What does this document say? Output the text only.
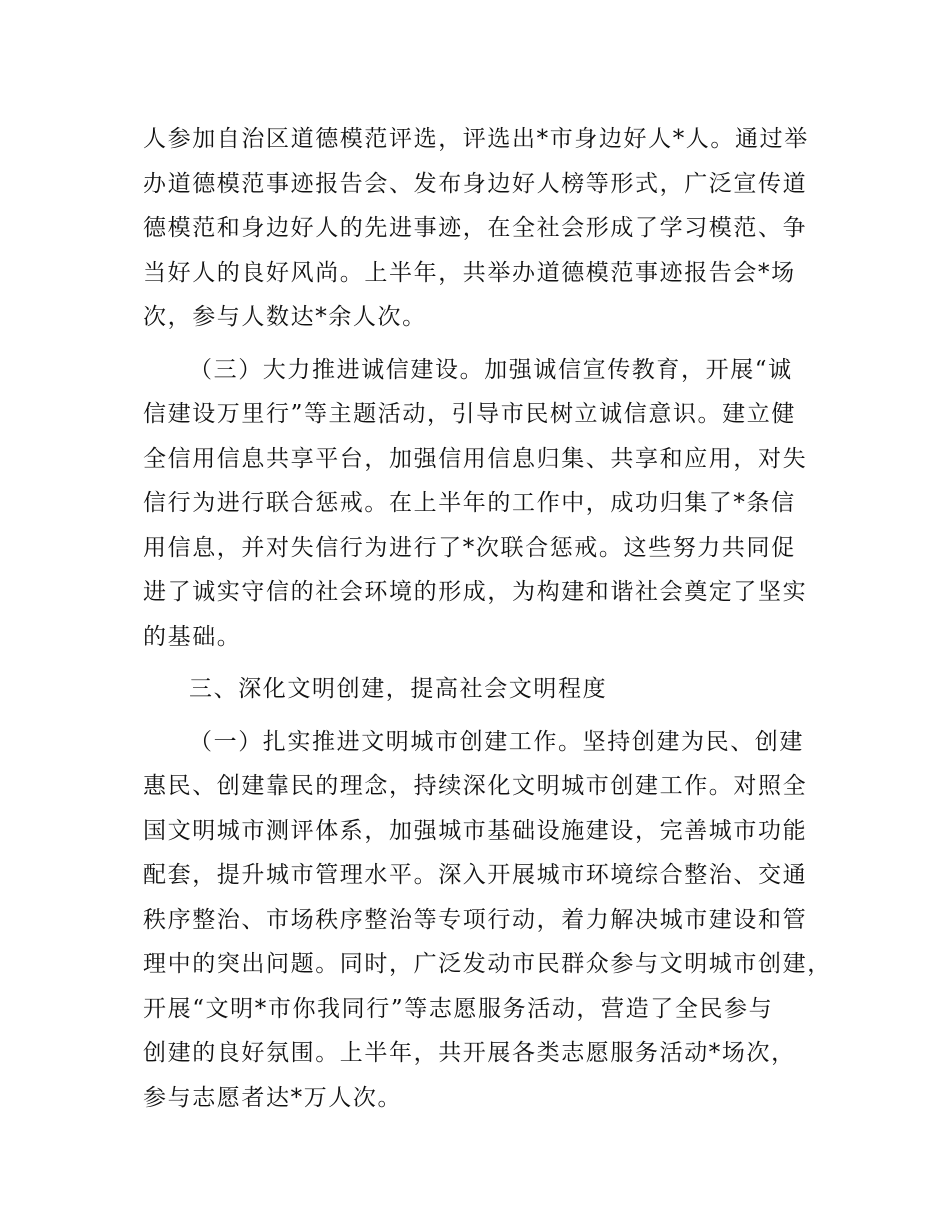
人参加自治区道德模范评选，评选出*市身边好人*人。通过举
办道德模范事迹报告会、发布身边好人榜等形式，广泛宣传道
德模范和身边好人的先进事迹，在全社会形成了学习模范、争
当好人的良好风尚。上半年，共举办道德模范事迹报告会*场
次，参与人数达*余人次。
（三）大力推进诚信建设。加强诚信宣传教育，开展“诚
信建设万里行”等主题活动，引导市民树立诚信意识。建立健
全信用信息共享平台，加强信用信息归集、共享和应用，对失
信行为进行联合惩戒。在上半年的工作中，成功归集了*条信
用信息，并对失信行为进行了*次联合惩戒。这些努力共同促
进了诚实守信的社会环境的形成，为构建和谐社会奠定了坚实
的基础。
三、深化文明创建，提高社会文明程度
（一）扎实推进文明城市创建工作。坚持创建为民、创建
惠民、创建靠民的理念，持续深化文明城市创建工作。对照全
国文明城市测评体系，加强城市基础设施建设，完善城市功能
配套，提升城市管理水平。深入开展城市环境综合整治、交通
秩序整治、市场秩序整治等专项行动，着力解决城市建设和管
理中的突出问题。同时，广泛发动市民群众参与文明城市创建，
开展“文明*市你我同行”等志愿服务活动，营造了全民参与
创建的良好氛围。上半年，共开展各类志愿服务活动*场次，
参与志愿者达*万人次。
